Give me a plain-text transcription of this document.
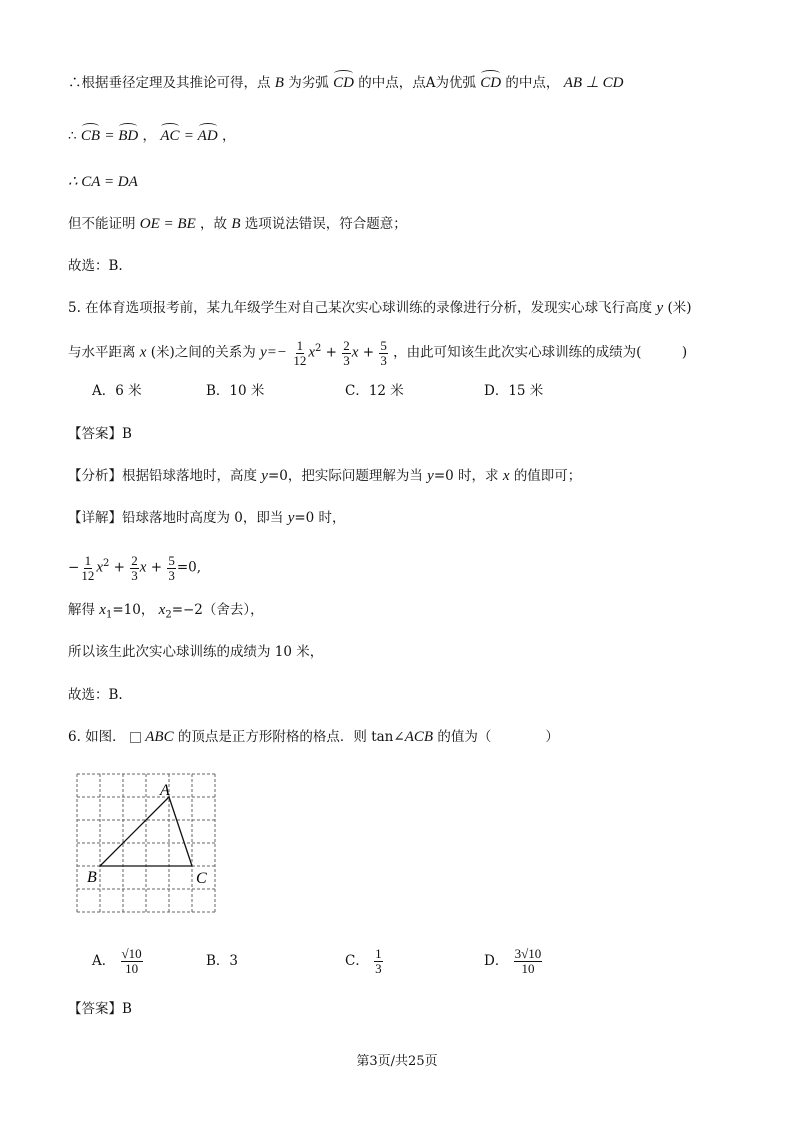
∴根据垂径定理及其推论可得，点 B 为劣弧 CD 的中点，点A为优弧 CD 的中点， AB ⊥ CD
∴ CB = BD ， AC = AD ，
∴ CA = DA
但不能证明 OE = BE ，故 B 选项说法错误，符合题意；
故选：B.
5. 在体育选项报考前，某九年级学生对自己某次实心球训练的录像进行分析，发现实心球飞行高度 y (米)
与水平距离 x (米)之间的关系为 $y=- \frac{1}{12} x^2 + \frac{2}{3}$ $x + \frac{5}{3}$ ，由此可知该生此次实心球训练的成绩为(　　　)
A．6 米	B．10 米	C．12 米	D．15 米
【答案】B
【分析】根据铅球落地时，高度 y=0，把实际问题理解为当 y=0 时，求 x 的值即可；
【详解】铅球落地时高度为 0，即当 y=0 时，
− $\frac{1}{12} x^2 + \frac{2}{3}$ $x + \frac{5}{3} =0$,
解得 $x_1=10$， $x_2=-2$（舍去），
所以该生此次实心球训练的成绩为 10 米，
故选：B.
6. 如图． ABC 的顶点是正方形附格的格点．则 tan∠ACB 的值为（　　　　）
A
B	C
A． $\frac{√10}{10}$	B．3	C． $\frac{1}{3}$	D． $\frac{3√10}{10}$
【答案】B
第3页/共25页
